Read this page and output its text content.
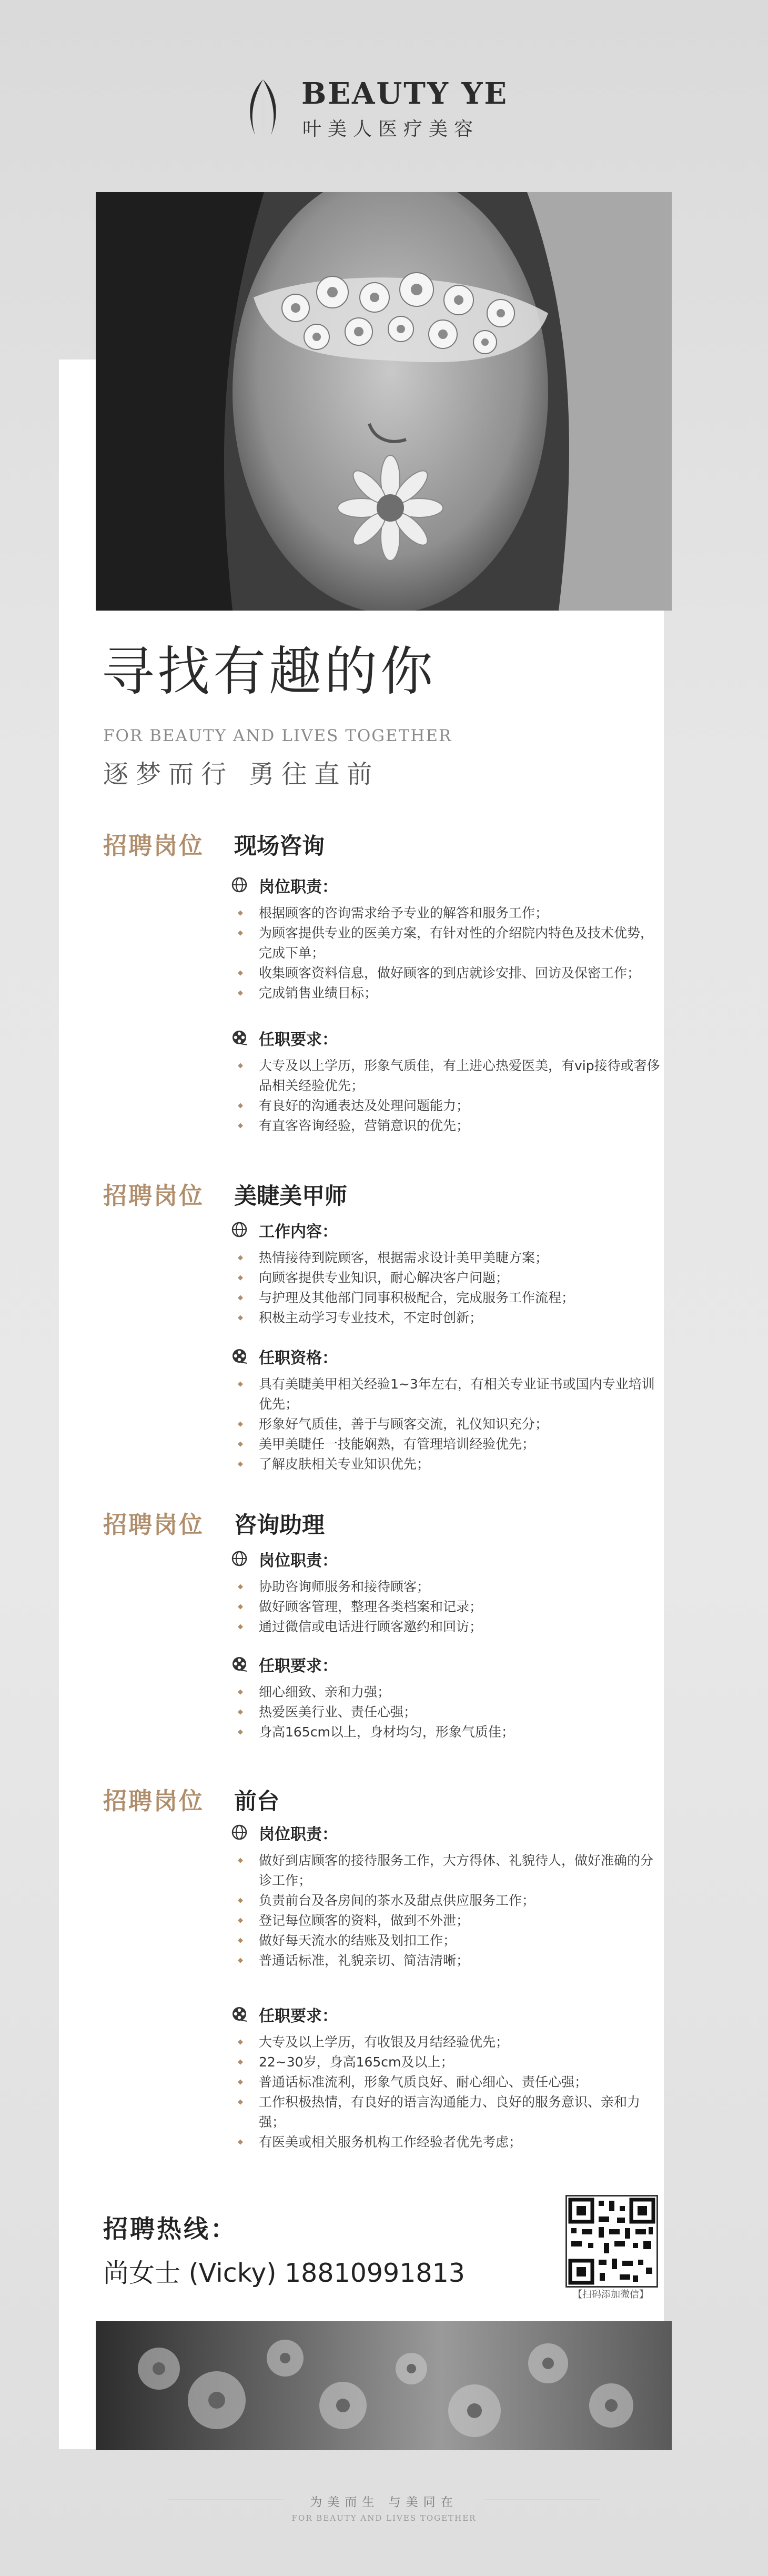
BEAUTY YE
叶美人医疗美容
寻找有趣的你
FOR BEAUTY AND LIVES TOGETHER
逐梦而行 勇往直前
招聘岗位 现场咨询
岗位职责：
◆ 根据顾客的咨询需求给予专业的解答和服务工作；
◆ 为顾客提供专业的医美方案，有针对性的介绍院内特色及技术优势，完成下单；
◆ 收集顾客资料信息，做好顾客的到店就诊安排、回访及保密工作；
◆ 完成销售业绩目标；
任职要求：
◆ 大专及以上学历，形象气质佳，有上进心热爱医美，有vip接待或奢侈品相关经验优先；
◆ 有良好的沟通表达及处理问题能力；
◆ 有直客咨询经验，营销意识的优先；
招聘岗位 美睫美甲师
工作内容：
◆ 热情接待到院顾客，根据需求设计美甲美睫方案；
◆ 向顾客提供专业知识，耐心解决客户问题；
◆ 与护理及其他部门同事积极配合，完成服务工作流程；
◆ 积极主动学习专业技术，不定时创新；
任职资格：
◆ 具有美睫美甲相关经验1~3年左右，有相关专业证书或国内专业培训优先；
◆ 形象好气质佳，善于与顾客交流，礼仪知识充分；
◆ 美甲美睫任一技能娴熟，有管理培训经验优先；
◆ 了解皮肤相关专业知识优先；
招聘岗位 咨询助理
岗位职责：
◆ 协助咨询师服务和接待顾客；
◆ 做好顾客管理，整理各类档案和记录；
◆ 通过微信或电话进行顾客邀约和回访；
任职要求：
◆ 细心细致、亲和力强；
◆ 热爱医美行业、责任心强；
◆ 身高165cm以上，身材均匀，形象气质佳；
招聘岗位 前台
岗位职责：
◆ 做好到店顾客的接待服务工作，大方得体、礼貌待人，做好准确的分诊工作；
◆ 负责前台及各房间的茶水及甜点供应服务工作；
◆ 登记每位顾客的资料，做到不外泄；
◆ 做好每天流水的结账及划扣工作；
◆ 普通话标准，礼貌亲切、简洁清晰；
任职要求：
◆ 大专及以上学历，有收银及月结经验优先；
◆ 22~30岁，身高165cm及以上；
◆ 普通话标准流利，形象气质良好、耐心细心、责任心强；
◆ 工作积极热情，有良好的语言沟通能力、良好的服务意识、亲和力强；
◆ 有医美或相关服务机构工作经验者优先考虑；
招聘热线：
尚女士 (Vicky) 18810991813
【扫码添加微信】
为美而生 与美同在
FOR BEAUTY AND LIVES TOGETHER
